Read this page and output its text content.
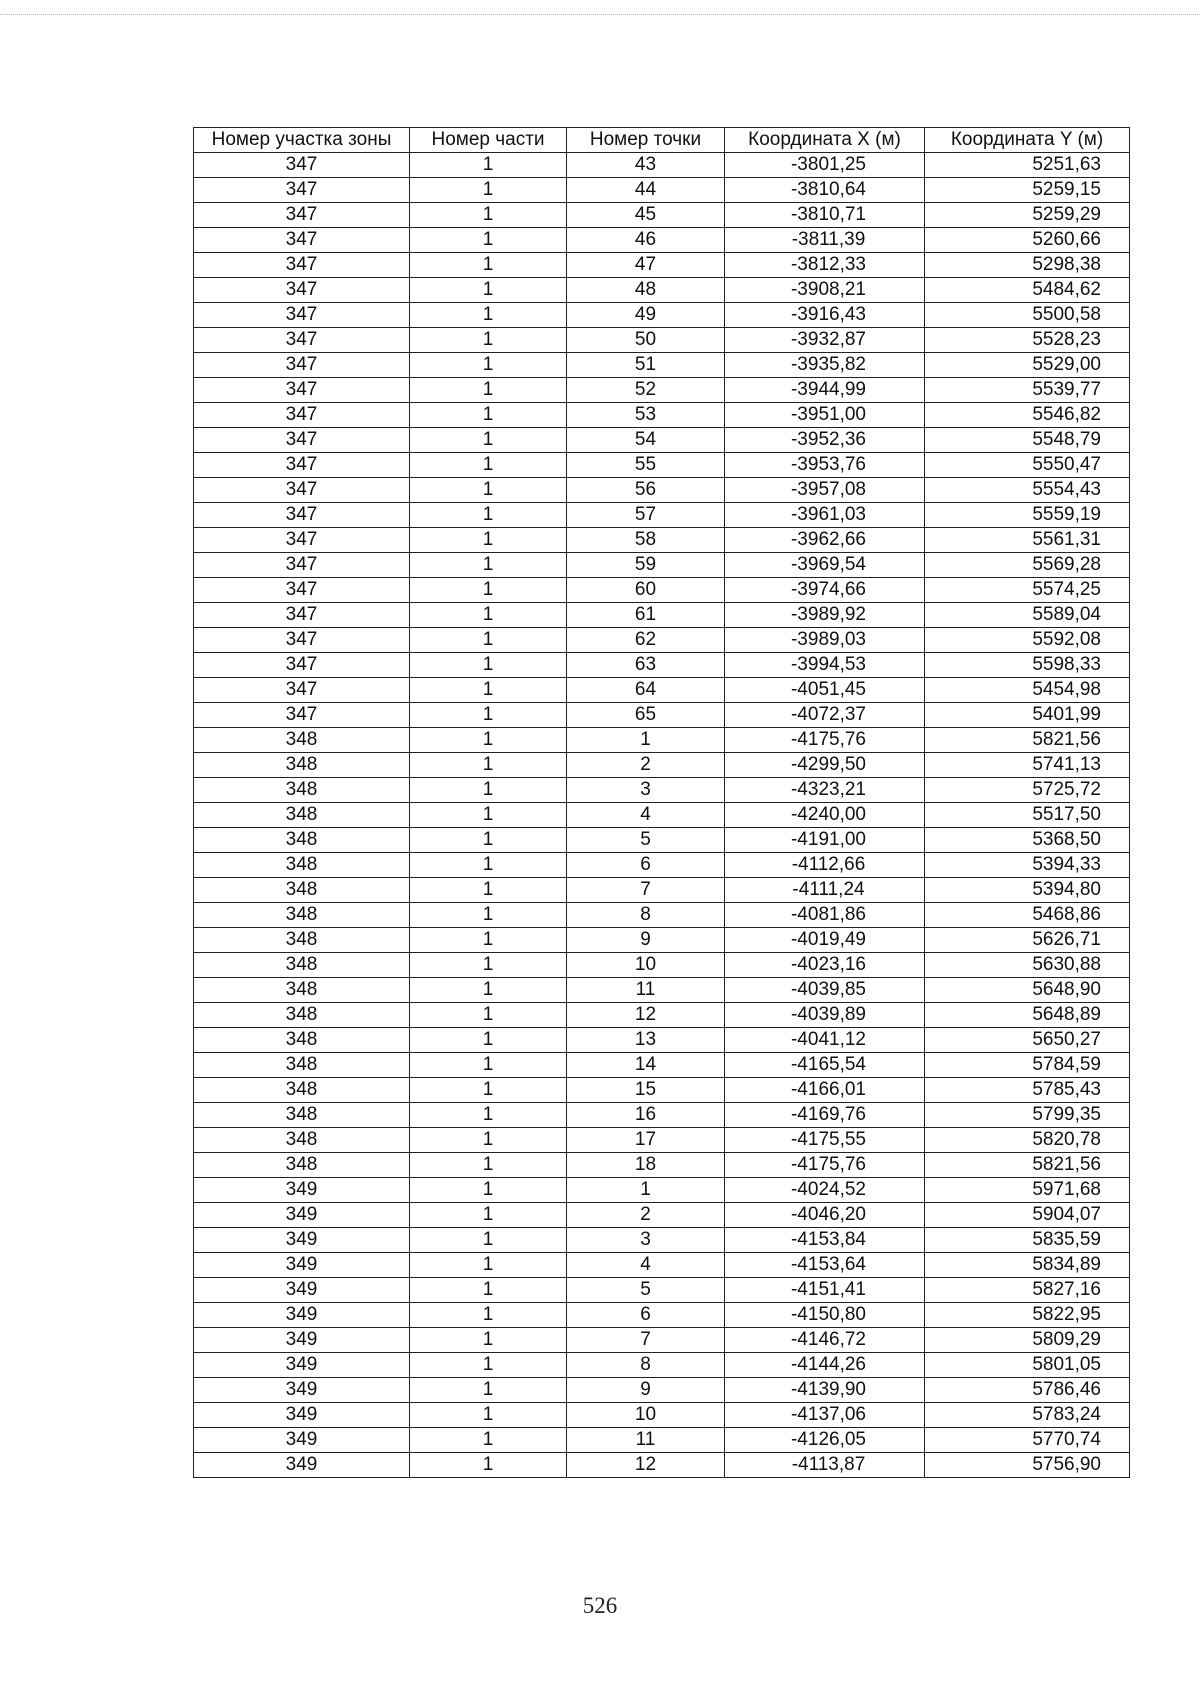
Номер участка зоны	Номер части	Номер точки	Координата X (м)	Координата Y (м)
347	1	43	-3801,25	5251,63
347	1	44	-3810,64	5259,15
347	1	45	-3810,71	5259,29
347	1	46	-3811,39	5260,66
347	1	47	-3812,33	5298,38
347	1	48	-3908,21	5484,62
347	1	49	-3916,43	5500,58
347	1	50	-3932,87	5528,23
347	1	51	-3935,82	5529,00
347	1	52	-3944,99	5539,77
347	1	53	-3951,00	5546,82
347	1	54	-3952,36	5548,79
347	1	55	-3953,76	5550,47
347	1	56	-3957,08	5554,43
347	1	57	-3961,03	5559,19
347	1	58	-3962,66	5561,31
347	1	59	-3969,54	5569,28
347	1	60	-3974,66	5574,25
347	1	61	-3989,92	5589,04
347	1	62	-3989,03	5592,08
347	1	63	-3994,53	5598,33
347	1	64	-4051,45	5454,98
347	1	65	-4072,37	5401,99
348	1	1	-4175,76	5821,56
348	1	2	-4299,50	5741,13
348	1	3	-4323,21	5725,72
348	1	4	-4240,00	5517,50
348	1	5	-4191,00	5368,50
348	1	6	-4112,66	5394,33
348	1	7	-4111,24	5394,80
348	1	8	-4081,86	5468,86
348	1	9	-4019,49	5626,71
348	1	10	-4023,16	5630,88
348	1	11	-4039,85	5648,90
348	1	12	-4039,89	5648,89
348	1	13	-4041,12	5650,27
348	1	14	-4165,54	5784,59
348	1	15	-4166,01	5785,43
348	1	16	-4169,76	5799,35
348	1	17	-4175,55	5820,78
348	1	18	-4175,76	5821,56
349	1	1	-4024,52	5971,68
349	1	2	-4046,20	5904,07
349	1	3	-4153,84	5835,59
349	1	4	-4153,64	5834,89
349	1	5	-4151,41	5827,16
349	1	6	-4150,80	5822,95
349	1	7	-4146,72	5809,29
349	1	8	-4144,26	5801,05
349	1	9	-4139,90	5786,46
349	1	10	-4137,06	5783,24
349	1	11	-4126,05	5770,74
349	1	12	-4113,87	5756,90
526
